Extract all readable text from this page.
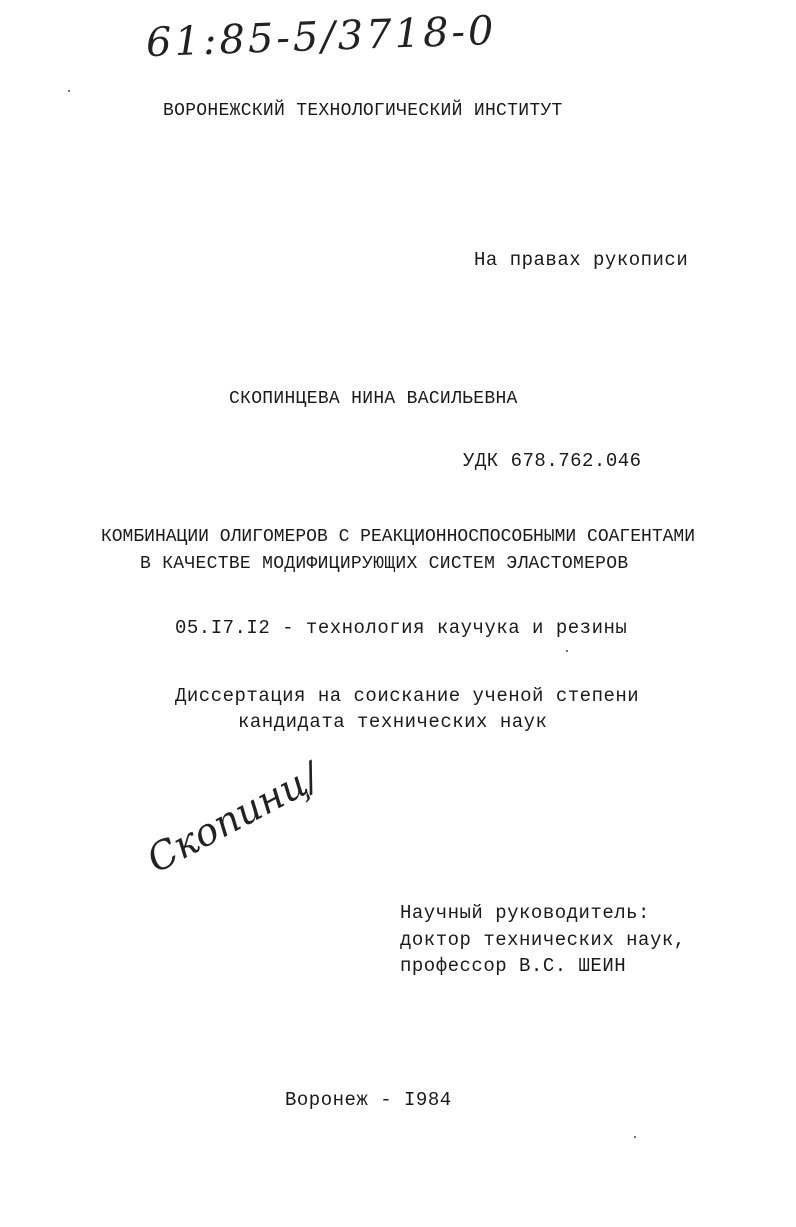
61:85-5/3718-0
ВОРОНЕЖСКИЙ ТЕХНОЛОГИЧЕСКИЙ ИНСТИТУТ
На правах рукописи
СКОПИНЦЕВА НИНА ВАСИЛЬЕВНА
УДК 678.762.046
КОМБИНАЦИИ ОЛИГОМЕРОВ С РЕАКЦИОННОСПОСОБНЫМИ СОАГЕНТАМИ
В КАЧЕСТВЕ МОДИФИЦИРУЮЩИХ СИСТЕМ ЭЛАСТОМЕРОВ
05.I7.I2 - технология каучука и резины
Диссертация на соискание ученой степени
кандидата технических наук
Скопинц/
Научный руководитель:
доктор технических наук,
профессор В.С. ШЕИН
Воронеж - I984
